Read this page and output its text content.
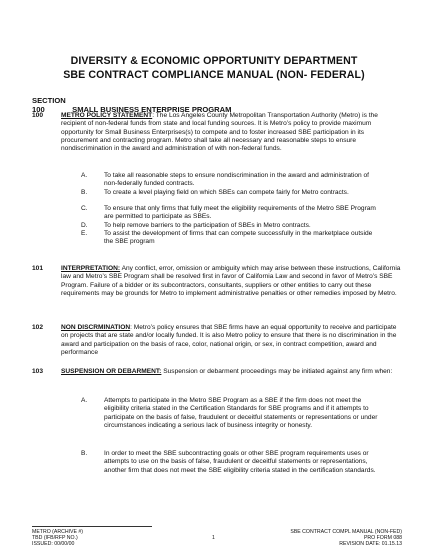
DIVERSITY & ECONOMIC OPPORTUNITY DEPARTMENT
SBE CONTRACT COMPLIANCE MANUAL (NON- FEDERAL)
SECTION 100	SMALL BUSINESS ENTERPRISE PROGRAM
100	METRO POLICY STATEMENT: The Los Angeles County Metropolitan Transportation Authority (Metro) is the recipient of non-federal funds from state and local funding sources. It is Metro’s policy to provide maximum opportunity for Small Business Enterprises(s) to compete and to foster increased SBE participation in its procurement and contracting program. Metro shall take all necessary and reasonable steps to ensure nondiscrimination in the award and administration of with non-federal funds.
A.	To take all reasonable steps to ensure nondiscrimination in the award and administration of non-federally funded contracts.
B.	To create a level playing field on which SBEs can compete fairly for Metro contracts.
C.	To ensure that only firms that fully meet the eligibility requirements of the Metro SBE Program are permitted to participate as SBEs.
D.	To help remove barriers to the participation of SBEs in Metro contracts.
E.	To assist the development of firms that can compete successfully in the marketplace outside the SBE program
101	INTERPRETATION: Any conflict, error, omission or ambiguity which may arise between these instructions, California law and Metro’s SBE Program shall be resolved first in favor of California Law and second in favor of Metro’s SBE Program. Failure of a bidder or its subcontractors, consultants, suppliers or other entities to carry out these requirements may be grounds for Metro to implement administrative penalties or other remedies imposed by Metro.
102	NON DISCRMINATION: Metro’s policy ensures that SBE firms have an equal opportunity to receive and participate on projects that are state and/or locally funded. It is also Metro policy to ensure that there is no discrimination in the award and participation on the basis of race, color, national origin, or sex, in contract competition, award and performance
103	SUSPENSION OR DEBARMENT: Suspension or debarment proceedings may be initiated against any firm when:
A.	Attempts to participate in the Metro SBE Program as a SBE if the firm does not meet the eligibility criteria stated in the Certification Standards for SBE programs and if it attempts to participate on the basis of false, fraudulent or deceitful statements or representations or under circumstances indicating a serious lack of business integrity or honesty.
B.	In order to meet the SBE subcontracting goals or other SBE program requirements uses or attempts to use on the basis of false, fraudulent or deceitful statements or representations, another firm that does not meet the SBE eligibility criteria stated in the certification standards.
METRO (ARCHIVE #)
TBD (IFB/RFP NO.)
ISSUED: 00/00/00
1
SBE CONTRACT COMPL MANUAL (NON-FED)
PRO FORM 088
REVISION DATE: 01.15.13
